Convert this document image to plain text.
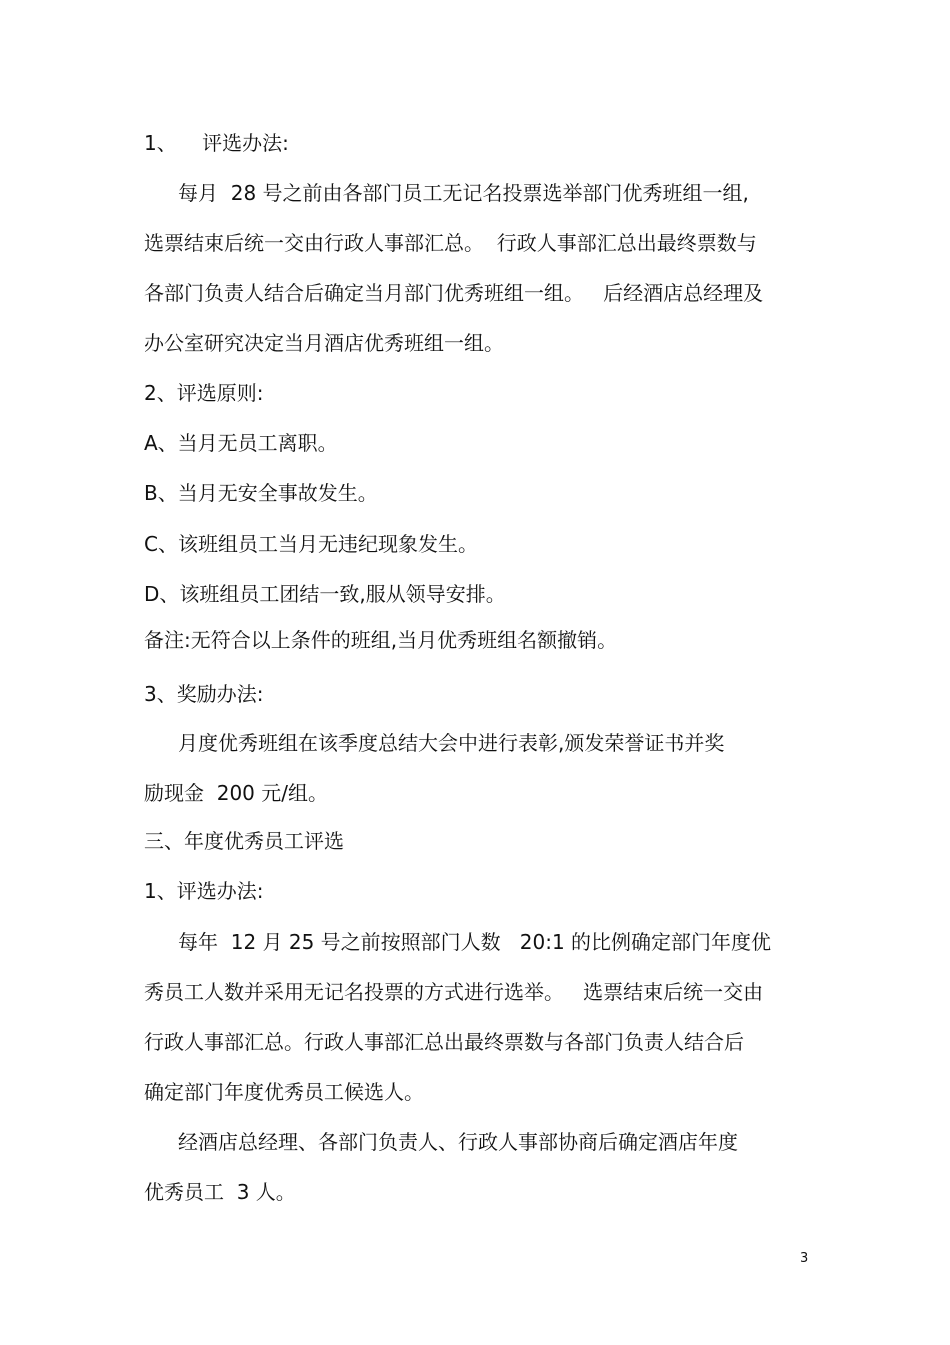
1、    评选办法:

每月  28 号之前由各部门员工无记名投票选举部门优秀班组一组,

选票结束后统一交由行政人事部汇总。  行政人事部汇总出最终票数与

各部门负责人结合后确定当月部门优秀班组一组。   后经酒店总经理及

办公室研究决定当月酒店优秀班组一组。

2、评选原则:

A、当月无员工离职。

B、当月无安全事故发生。

C、该班组员工当月无违纪现象发生。

D、该班组员工团结一致,服从领导安排。

备注:无符合以上条件的班组,当月优秀班组名额撤销。

3、奖励办法:

月度优秀班组在该季度总结大会中进行表彰,颁发荣誉证书并奖

励现金  200 元/组。

三、年度优秀员工评选

1、评选办法:

每年  12 月 25 号之前按照部门人数   20:1 的比例确定部门年度优

秀员工人数并采用无记名投票的方式进行选举。   选票结束后统一交由

行政人事部汇总。行政人事部汇总出最终票数与各部门负责人结合后

确定部门年度优秀员工候选人。

经酒店总经理、各部门负责人、行政人事部协商后确定酒店年度

优秀员工  3 人。

3
